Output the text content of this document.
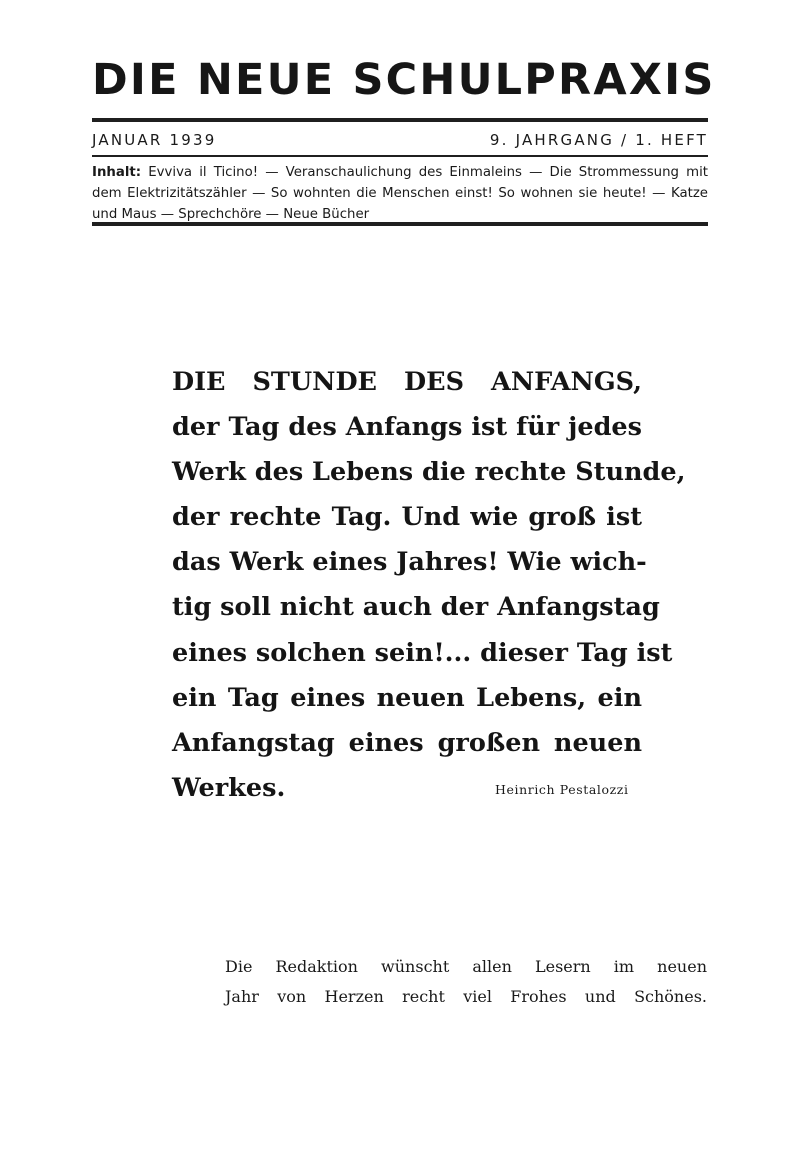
DIE NEUE SCHULPRAXIS
JANUAR 1939	9. JAHRGANG / 1. HEFT
Inhalt: Evviva il Ticino! — Veranschaulichung des Einmaleins — Die Strommessung mit dem Elektrizitätszähler — So wohnten die Menschen einst! So wohnen sie heute! — Katze und Maus — Sprechchöre — Neue Bücher
DIE STUNDE DES ANFANGS,
der Tag des Anfangs ist für jedes
Werk des Lebens die rechte Stunde,
der rechte Tag. Und wie groß ist
das Werk eines Jahres! Wie wich-
tig soll nicht auch der Anfangstag
eines solchen sein!... dieser Tag ist
ein Tag eines neuen Lebens, ein
Anfangstag eines großen neuen
Werkes.	Heinrich Pestalozzi
Die Redaktion wünscht allen Lesern im neuen
Jahr von Herzen recht viel Frohes und Schönes.
